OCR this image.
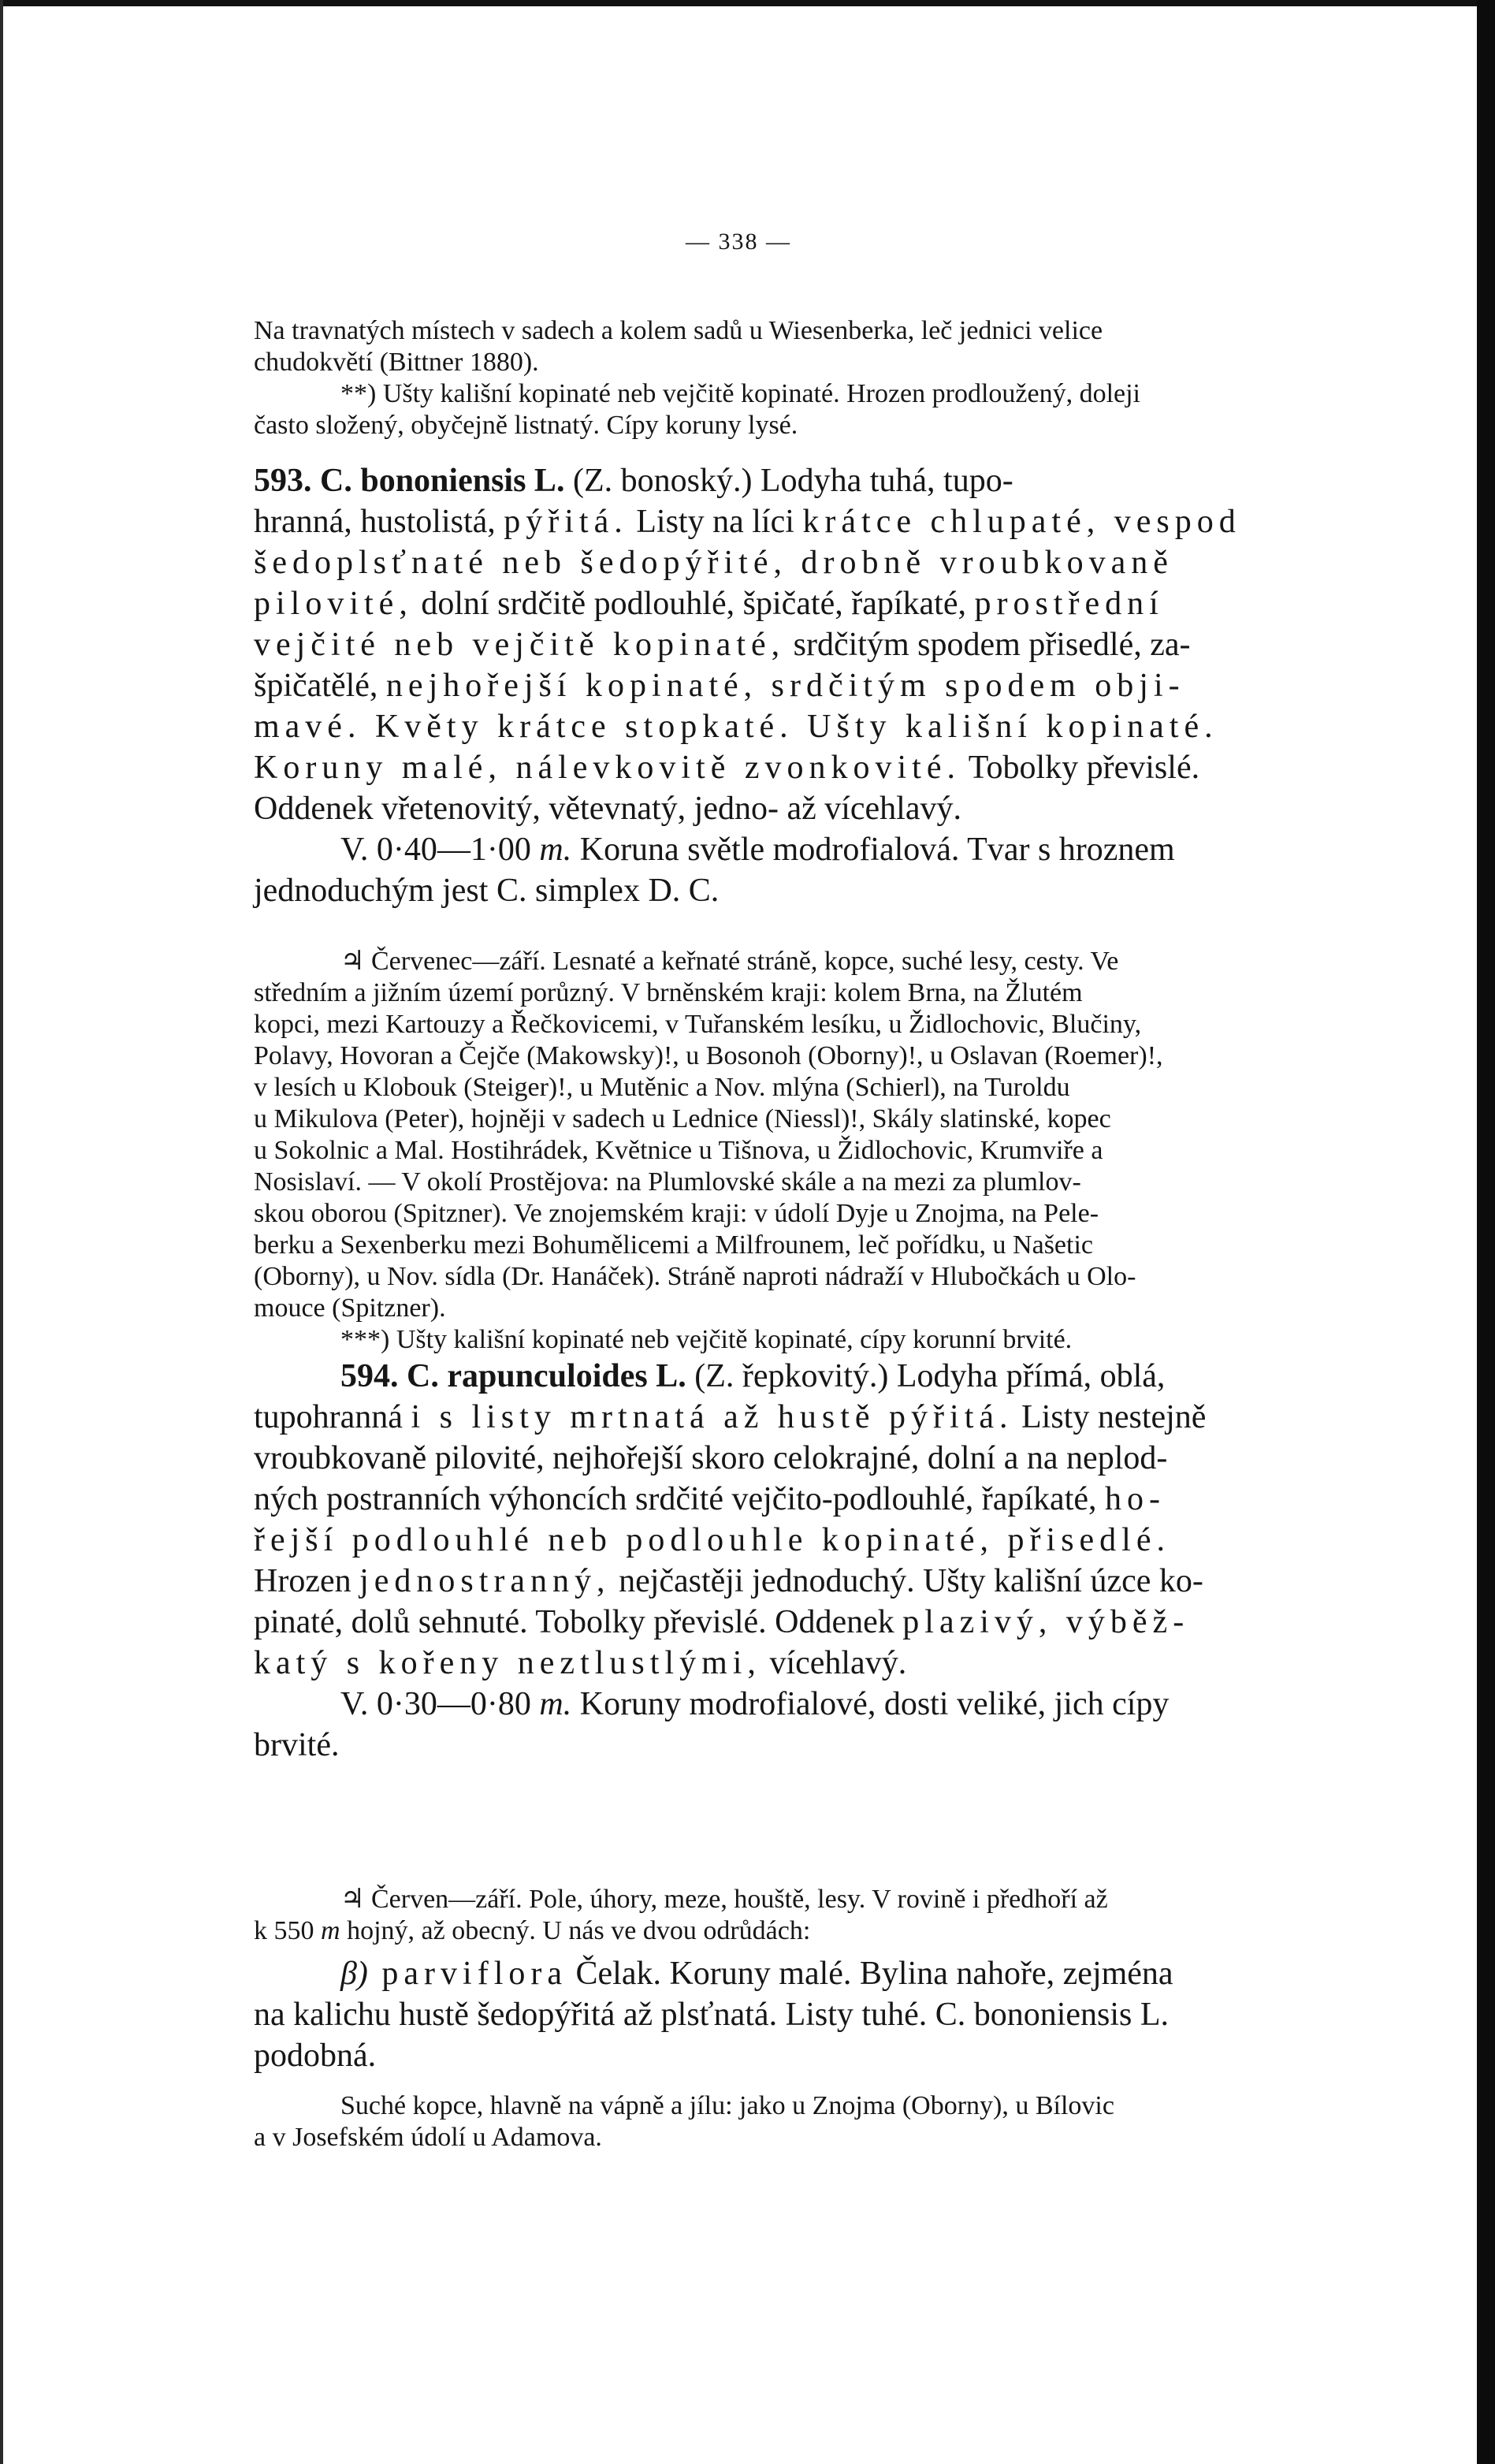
— 338 —

Na travnatých místech v sadech a kolem sadů u Wiesenberka, leč jednici velice

chudokvětí (Bittner 1880).

**) Ušty kališní kopinaté neb vejčitě kopinaté. Hrozen prodloužený, doleji

často složený, obyčejně listnatý. Cípy koruny lysé.

593. C. bononiensis L. (Z. bonoský.) Lodyha tuhá, tupo-

hranná, hustolistá, pýřitá. Listy na líci krátce chlupaté, vespod

šedoplsťnaté neb šedopýřité, drobně vroubkovaně

pilovité, dolní srdčitě podlouhlé, špičaté, řapíkaté, prostřední

vejčité neb vejčitě kopinaté, srdčitým spodem přisedlé, za-

špičatělé, nejhořejší kopinaté, srdčitým spodem obji-

mavé. Květy krátce stopkaté. Ušty kališní kopinaté.

Koruny malé, nálevkovitě zvonkovité. Tobolky převislé.

Oddenek vřetenovitý, větevnatý, jedno- až vícehlavý.

V. 0·40—1·00 m. Koruna světle modrofialová. Tvar s hroznem

jednoduchým jest C. simplex D. C.

♃ Červenec—září. Lesnaté a keřnaté stráně, kopce, suché lesy, cesty. Ve

středním a jižním území porůzný. V brněnském kraji: kolem Brna, na Žlutém

kopci, mezi Kartouzy a Řečkovicemi, v Tuřanském lesíku, u Židlochovic, Blučiny,

Polavy, Hovoran a Čejče (Makowsky)!, u Bosonoh (Oborny)!, u Oslavan (Roemer)!,

v lesích u Klobouk (Steiger)!, u Mutěnic a Nov. mlýna (Schierl), na Turoldu

u Mikulova (Peter), hojněji v sadech u Lednice (Niessl)!, Skály slatinské, kopec

u Sokolnic a Mal. Hostihrádek, Květnice u Tišnova, u Židlochovic, Krumviře a

Nosislaví. — V okolí Prostějova: na Plumlovské skále a na mezi za plumlov-

skou oborou (Spitzner). Ve znojemském kraji: v údolí Dyje u Znojma, na Pele-

berku a Sexenberku mezi Bohumělicemi a Milfrounem, leč pořídku, u Našetic

(Oborny), u Nov. sídla (Dr. Hanáček). Stráně naproti nádraží v Hlubočkách u Olo-

mouce (Spitzner).

***) Ušty kališní kopinaté neb vejčitě kopinaté, cípy korunní brvité.

594. C. rapunculoides L. (Z. řepkovitý.) Lodyha přímá, oblá,

tupohranná i s listy mrtnatá až hustě pýřitá. Listy nestejně

vroubkovaně pilovité, nejhořejší skoro celokrajné, dolní a na neplod-

ných postranních výhoncích srdčité vejčito-podlouhlé, řapíkaté, ho-

řejší podlouhlé neb podlouhle kopinaté, přisedlé.

Hrozen jednostranný, nejčastěji jednoduchý. Ušty kališní úzce ko-

pinaté, dolů sehnuté. Tobolky převislé. Oddenek plazivý, výběž-

katý s kořeny neztlustlými, vícehlavý.

V. 0·30—0·80 m. Koruny modrofialové, dosti veliké, jich cípy

brvité.

♃ Červen—září. Pole, úhory, meze, houště, lesy. V rovině i předhoří až

k 550 m hojný, až obecný. U nás ve dvou odrůdách:

β) parviflora Čelak. Koruny malé. Bylina nahoře, zejména

na kalichu hustě šedopýřitá až plsťnatá. Listy tuhé. C. bononiensis L.

podobná.

Suché kopce, hlavně na vápně a jílu: jako u Znojma (Oborny), u Bílovic

a v Josefském údolí u Adamova.
